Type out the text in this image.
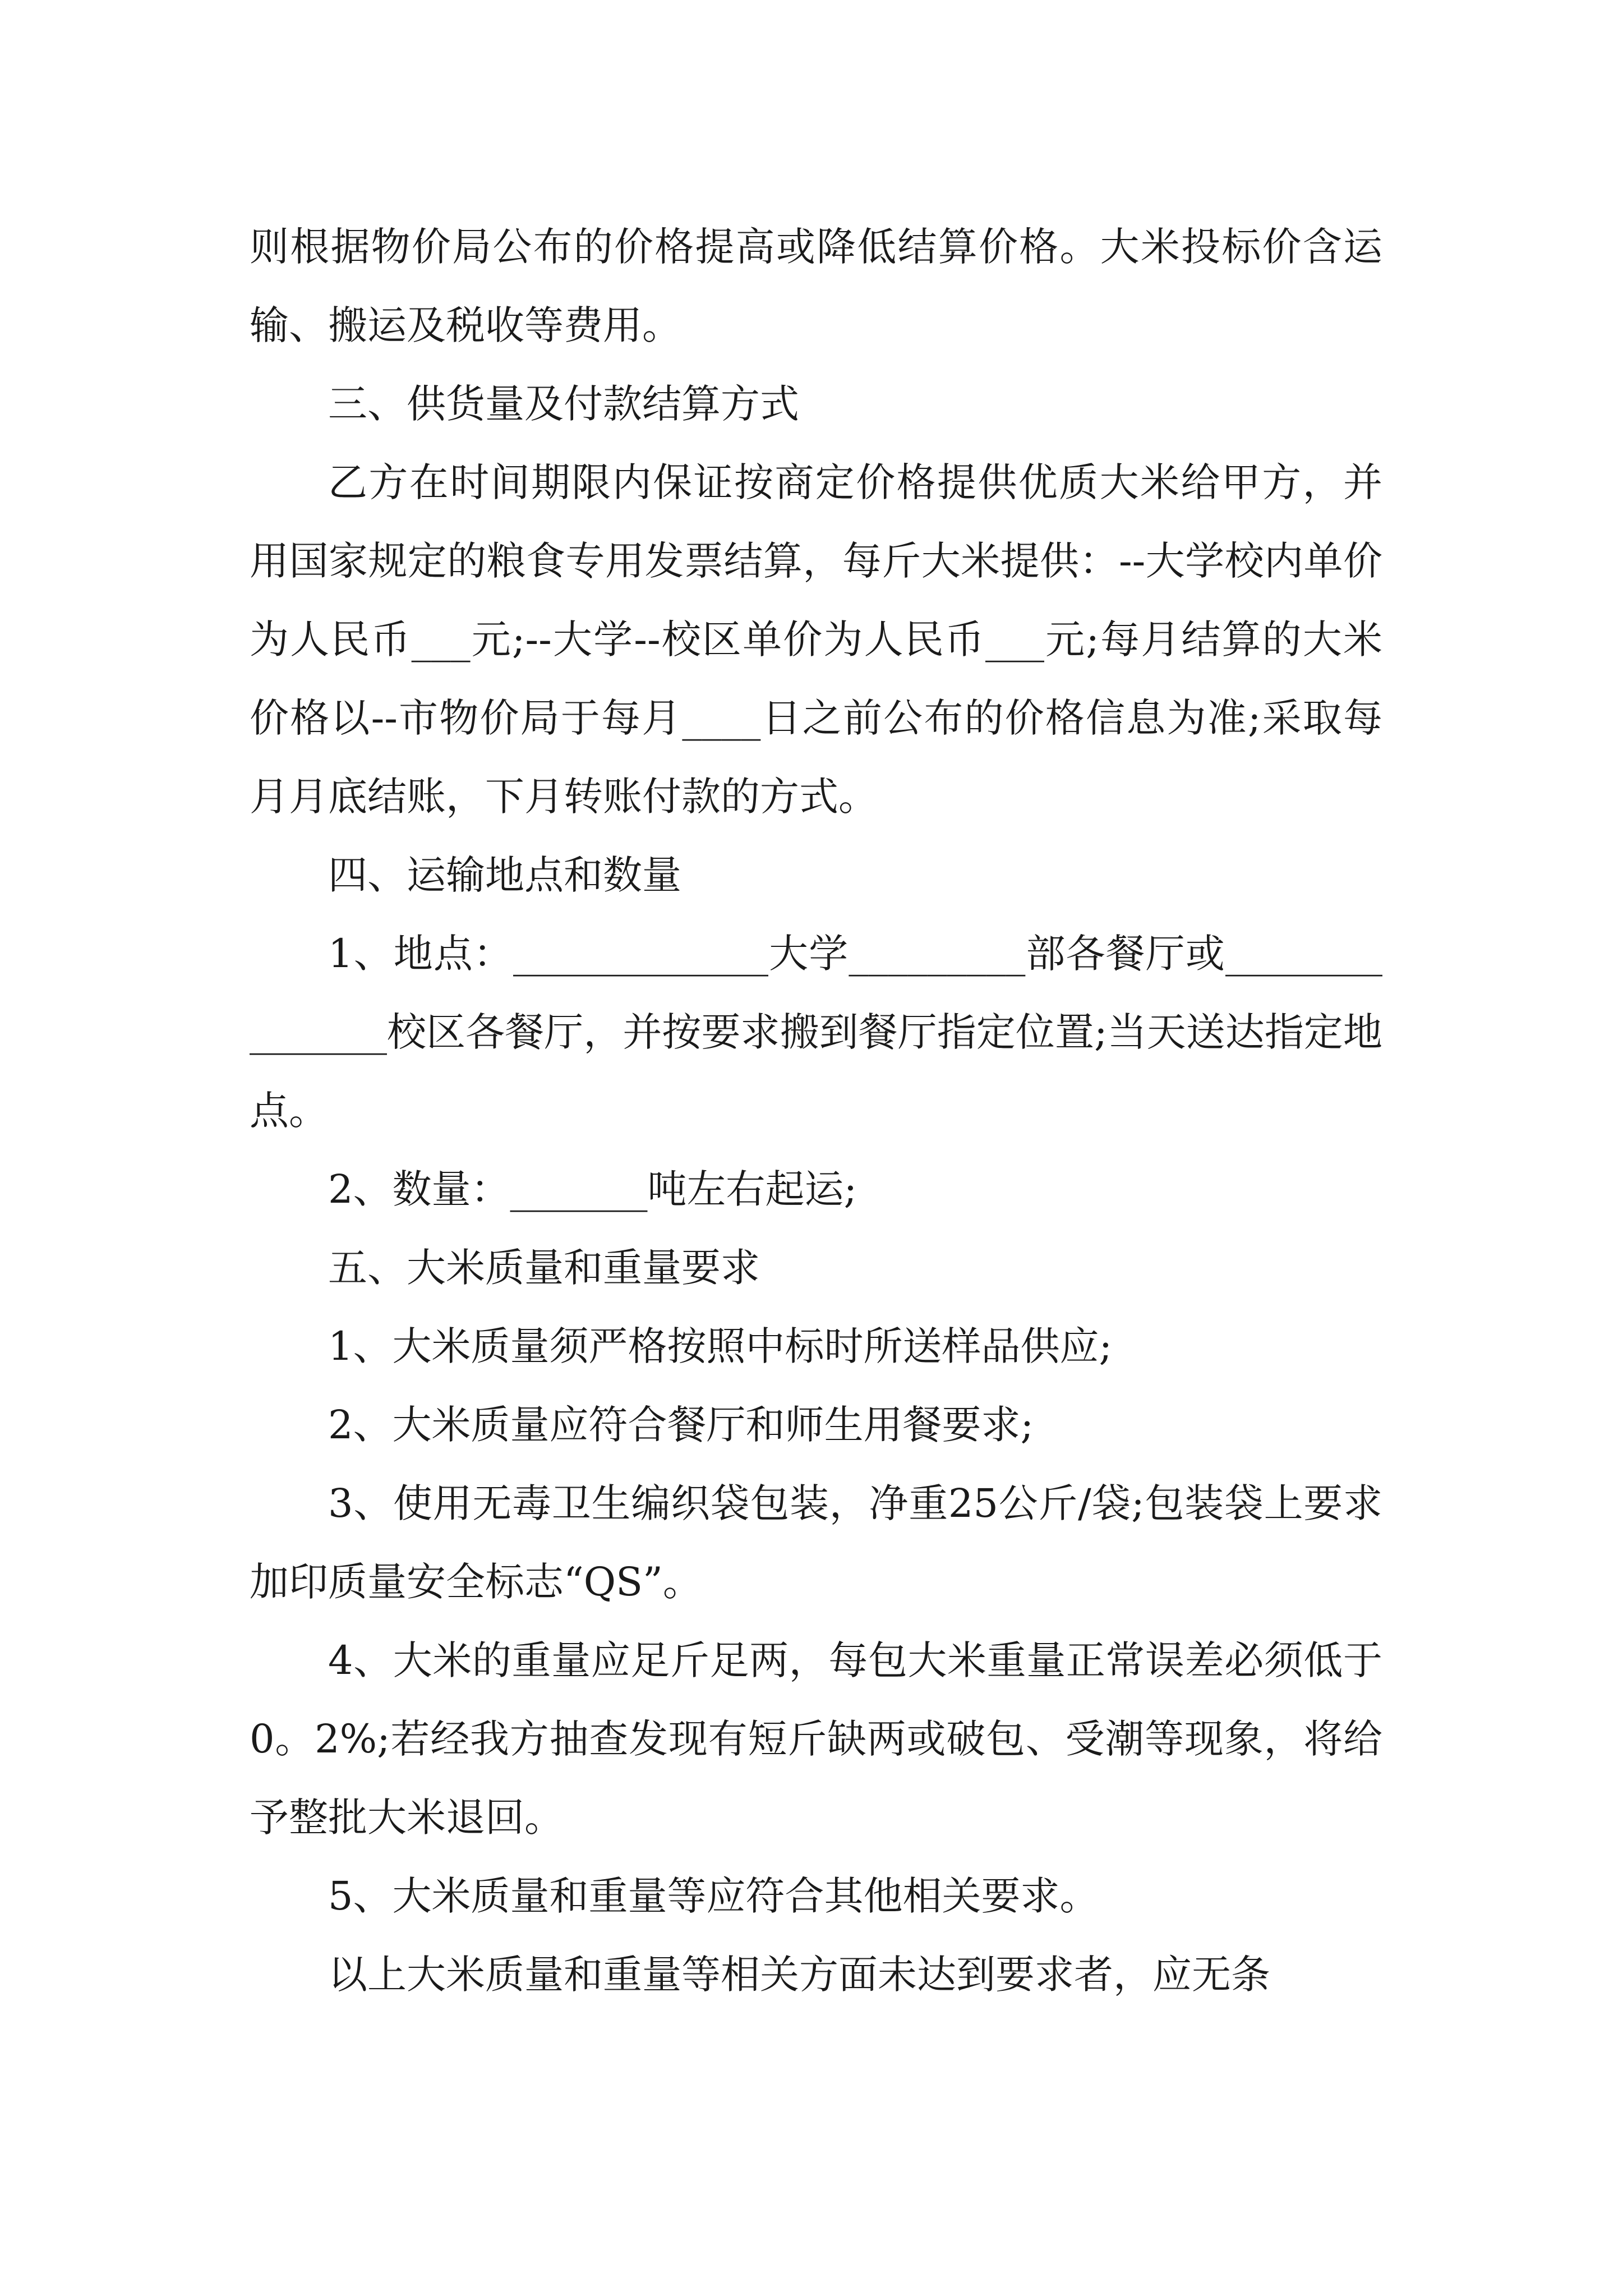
则根据物价局公布的价格提高或降低结算价格。大米投标价含运输、搬运及税收等费用。

三、供货量及付款结算方式

乙方在时间期限内保证按商定价格提供优质大米给甲方，并用国家规定的粮食专用发票结算，每斤大米提供：--大学校内单价为人民币___元;--大学--校区单价为人民币___元;每月结算的大米价格以--市物价局于每月____日之前公布的价格信息为准;采取每月月底结账，下月转账付款的方式。

四、运输地点和数量

1、地点：_____________大学_________部各餐厅或_______________校区各餐厅，并按要求搬到餐厅指定位置;当天送达指定地点。

2、数量：_______吨左右起运;

五、大米质量和重量要求

1、大米质量须严格按照中标时所送样品供应;

2、大米质量应符合餐厅和师生用餐要求;

3、使用无毒卫生编织袋包装，净重25公斤/袋;包装袋上要求加印质量安全标志“QS”。

4、大米的重量应足斤足两，每包大米重量正常误差必须低于0。2%;若经我方抽查发现有短斤缺两或破包、受潮等现象，将给予整批大米退回。

5、大米质量和重量等应符合其他相关要求。

以上大米质量和重量等相关方面未达到要求者，应无条
